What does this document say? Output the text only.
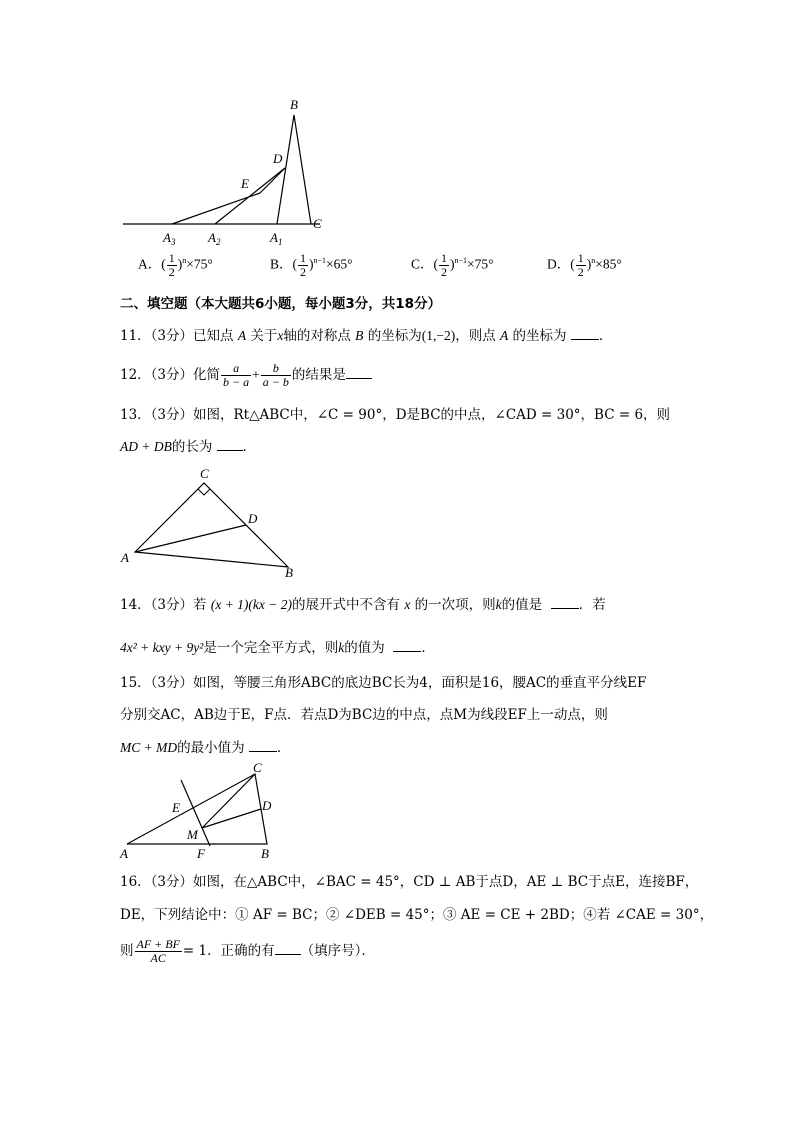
B
D
E
C
$A_3$	$A_2$	$A_1$
A．( $\frac{1}{2} )^n\times 75^\circ$	B．( $\frac{1}{2} )^{n-1}\times 65^\circ$	C．( $\frac{1}{2} )^{n-1}\times 75^\circ$	D．( $\frac{1}{2} )^n\times 85^\circ$
二、填空题（本大题共6小题，每小题3分，共18分）
11．（3分）已知点 A 关于x轴的对称点 B 的坐标为(1,−2)，则点 A 的坐标为 ．
12．（3分）化简 $\frac{a}{b - a} + \frac{b}{a - b}$ 的结果是
13．（3分）如图，Rt△ABC中，∠C = 90°，D是BC的中点，∠CAD = 30°，BC = 6，则
AD + DB的长为 ．
C
D
A
B
14．（3分）若 (x + 1)(kx − 2)的展开式中不含有 x 的一次项，则k的值是	．若
4x² + kxy + 9y²是一个完全平方式，则k的值为	．
15．（3分）如图，等腰三角形ABC的底边BC长为4，面积是16，腰AC的垂直平分线EF
分别交AC，AB边于E，F点．若点D为BC边的中点，点M为线段EF上一动点，则
MC + MD的最小值为 ．
C
E	D
M
A	F	B
16．（3分）如图，在△ABC中，∠BAC = 45°，CD ⊥ AB于点D，AE ⊥ BC于点E，连接BF，
DE，下列结论中：① AF = BC；② ∠DEB = 45°；③ AE = CE + 2BD；④若 ∠CAE = 30°，
则 $\frac{AF + BF}{AC} = 1$．正确的有 （填序号）．
